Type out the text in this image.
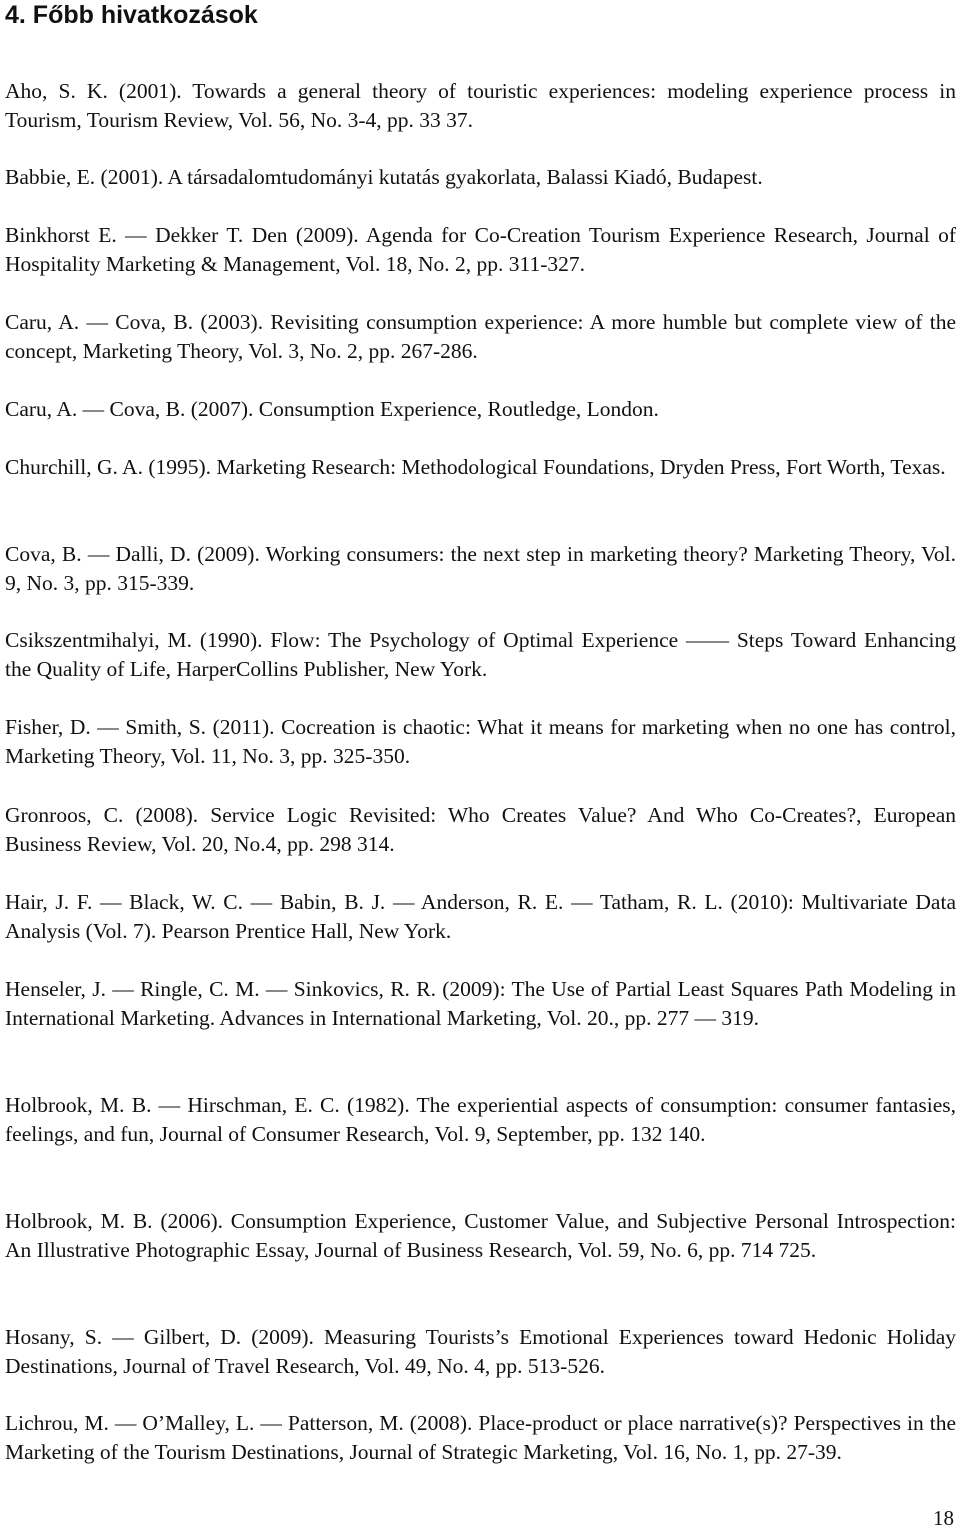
4. Főbb hivatkozások

Aho, S. K. (2001). Towards a general theory of touristic experiences: modeling experience process in Tourism, Tourism Review, Vol. 56, No. 3-4, pp. 33 37.

Babbie, E. (2001). A társadalomtudományi kutatás gyakorlata, Balassi Kiadó, Budapest.

Binkhorst E. — Dekker T. Den (2009). Agenda for Co-Creation Tourism Experience Research, Journal of Hospitality Marketing & Management, Vol. 18, No. 2, pp. 311-327.

Caru, A. — Cova, B. (2003). Revisiting consumption experience: A more humble but complete view of the concept, Marketing Theory, Vol. 3, No. 2, pp. 267-286.

Caru, A. — Cova, B. (2007). Consumption Experience, Routledge, London.

Churchill, G. A. (1995). Marketing Research: Methodological Foundations, Dryden Press, Fort Worth, Texas.

Cova, B. — Dalli, D. (2009). Working consumers: the next step in marketing theory? Marketing Theory, Vol. 9, No. 3, pp. 315-339.

Csikszentmihalyi, M. (1990). Flow: The Psychology of Optimal Experience —— Steps Toward Enhancing the Quality of Life, HarperCollins Publisher, New York.

Fisher, D. — Smith, S. (2011). Cocreation is chaotic: What it means for marketing when no one has control, Marketing Theory, Vol. 11, No. 3, pp. 325-350.

Gronroos, C. (2008). Service Logic Revisited: Who Creates Value? And Who Co-Creates?, European Business Review, Vol. 20, No.4, pp. 298 314.

Hair, J. F. — Black, W. C. — Babin, B. J. — Anderson, R. E. — Tatham, R. L. (2010): Multivariate Data Analysis (Vol. 7). Pearson Prentice Hall, New York.

Henseler, J. — Ringle, C. M. — Sinkovics, R. R. (2009): The Use of Partial Least Squares Path Modeling in International Marketing. Advances in International Marketing, Vol. 20., pp. 277 — 319.

Holbrook, M. B. — Hirschman, E. C. (1982). The experiential aspects of consumption: consumer fantasies, feelings, and fun, Journal of Consumer Research, Vol. 9, September, pp. 132 140.

Holbrook, M. B. (2006). Consumption Experience, Customer Value, and Subjective Personal Introspection: An Illustrative Photographic Essay, Journal of Business Research, Vol. 59, No. 6, pp. 714 725.

Hosany, S. — Gilbert, D. (2009). Measuring Tourists’s Emotional Experiences toward Hedonic Holiday Destinations, Journal of Travel Research, Vol. 49, No. 4, pp. 513-526.

Lichrou, M. — O’Malley, L. — Patterson, M. (2008). Place-product or place narrative(s)? Perspectives in the Marketing of the Tourism Destinations, Journal of Strategic Marketing, Vol. 16, No. 1, pp. 27-39.

18
